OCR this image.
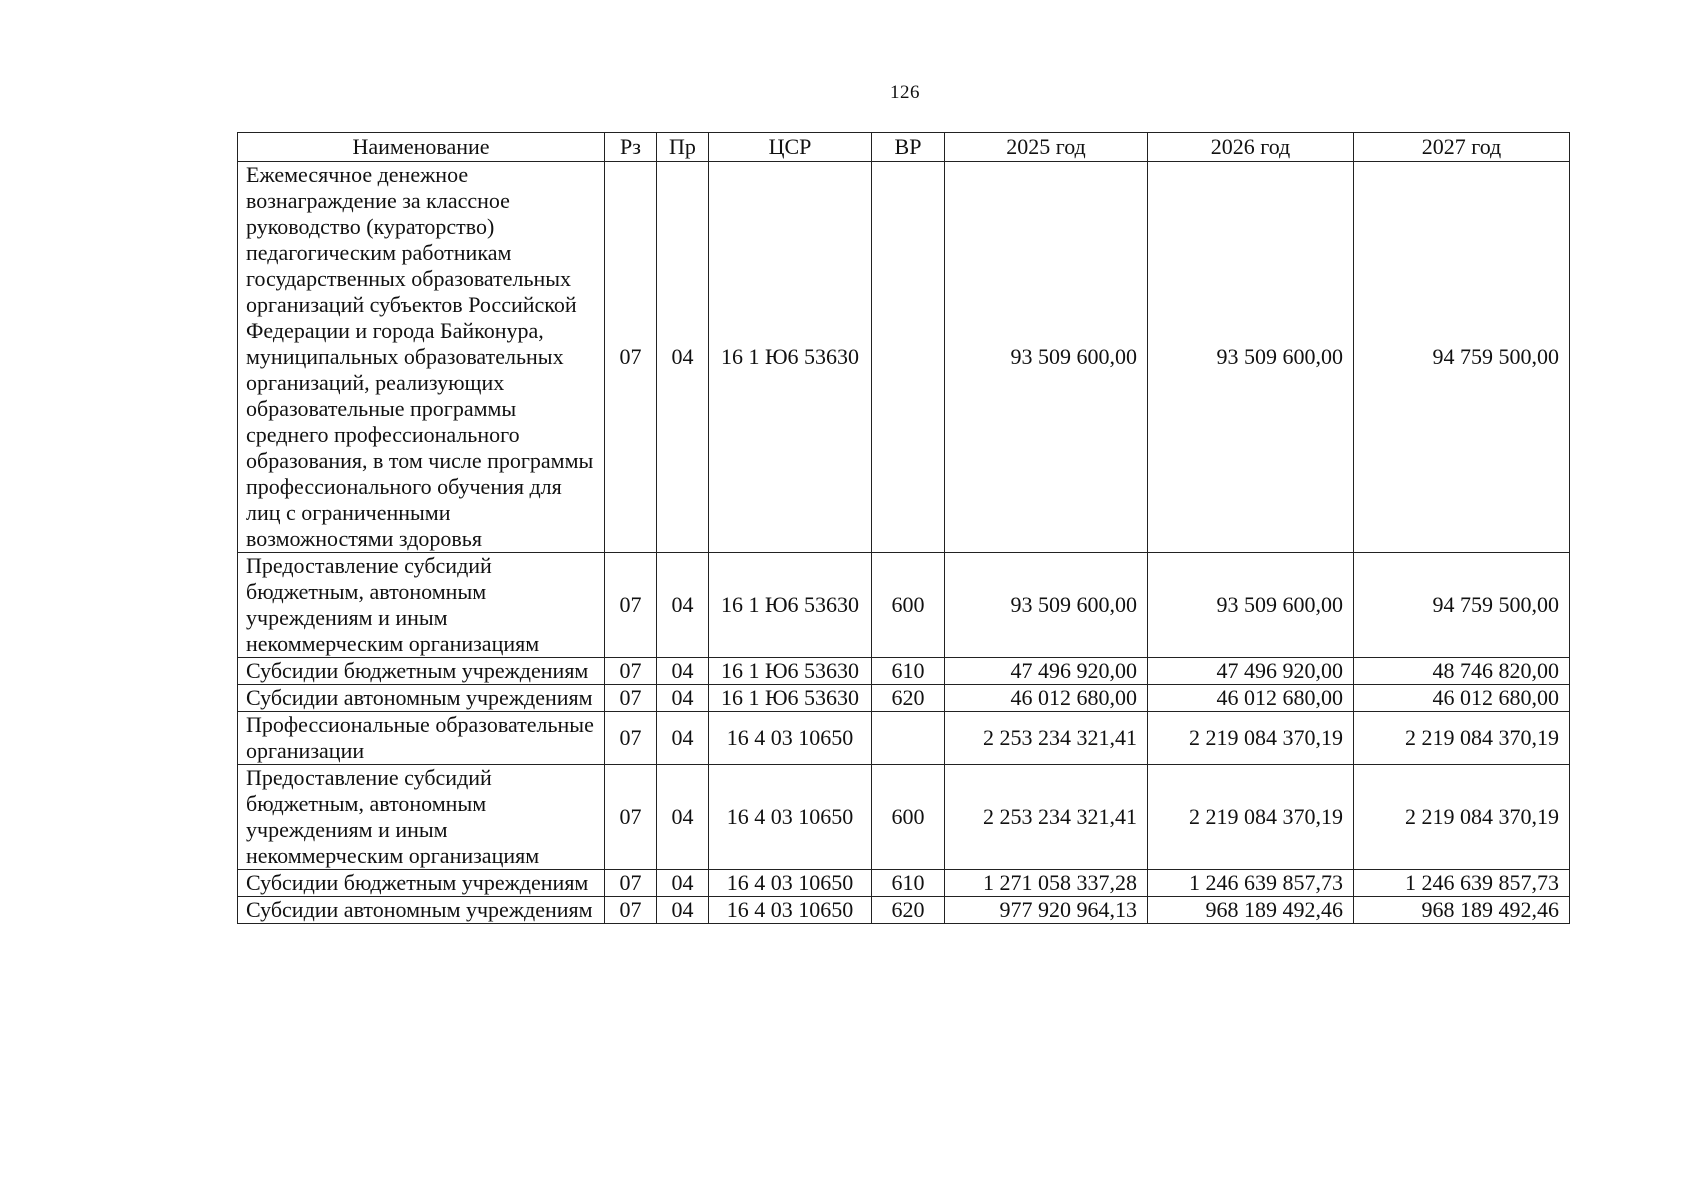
126
Наименование	Рз	Пр	ЦСР	ВР	2025 год	2026 год	2027 год
Ежемесячное денежное вознаграждение за классное руководство (кураторство) педагогическим работникам государственных образовательных организаций субъектов Российской Федерации и города Байконура, муниципальных образовательных организаций, реализующих образовательные программы среднего профессионального образования, в том числе программы профессионального обучения для лиц с ограниченными возможностями здоровья	07	04	16 1 Ю6 53630		93 509 600,00	93 509 600,00	94 759 500,00
Предоставление субсидий бюджетным, автономным учреждениям и иным некоммерческим организациям	07	04	16 1 Ю6 53630	600	93 509 600,00	93 509 600,00	94 759 500,00
Субсидии бюджетным учреждениям	07	04	16 1 Ю6 53630	610	47 496 920,00	47 496 920,00	48 746 820,00
Субсидии автономным учреждениям	07	04	16 1 Ю6 53630	620	46 012 680,00	46 012 680,00	46 012 680,00
Профессиональные образовательные организации	07	04	16 4 03 10650		2 253 234 321,41	2 219 084 370,19	2 219 084 370,19
Предоставление субсидий бюджетным, автономным учреждениям и иным некоммерческим организациям	07	04	16 4 03 10650	600	2 253 234 321,41	2 219 084 370,19	2 219 084 370,19
Субсидии бюджетным учреждениям	07	04	16 4 03 10650	610	1 271 058 337,28	1 246 639 857,73	1 246 639 857,73
Субсидии автономным учреждениям	07	04	16 4 03 10650	620	977 920 964,13	968 189 492,46	968 189 492,46
